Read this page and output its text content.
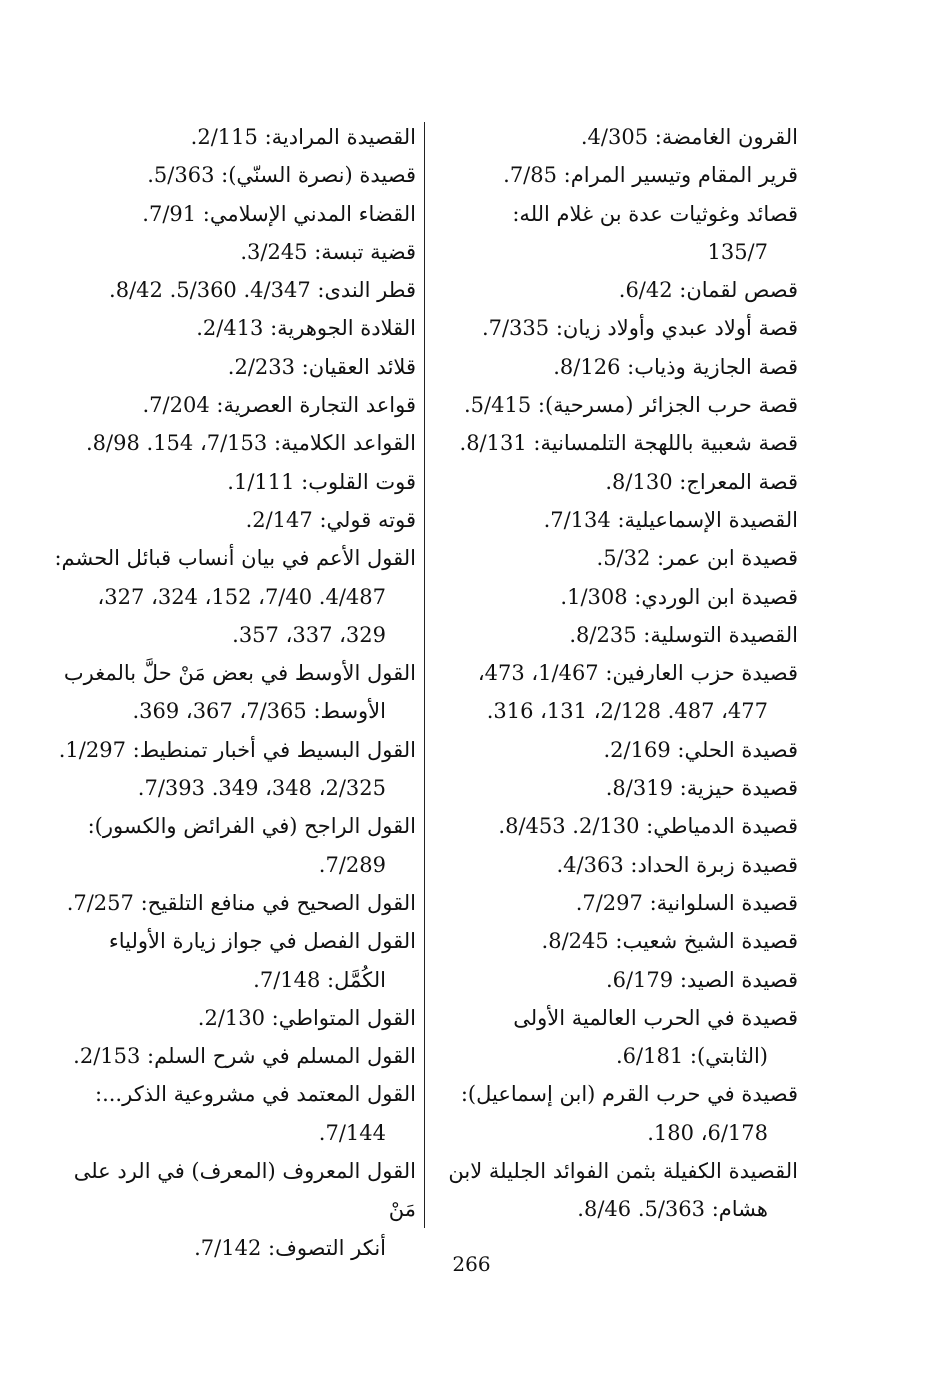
القرون الغامضة: 4/305.
قرير المقام وتيسير المرام: 7/85.
قصائد وغوثيات عدة بن غلام الله:
135/7
قصص لقمان: 6/42.
قصة أولاد عبدي وأولاد زيان: 7/335.
قصة الجازية وذياب: 8/126.
قصة حرب الجزائر (مسرحية): 5/415.
قصة شعبية باللهجة التلمسانية: 8/131.
قصة المعراج: 8/130.
القصيدة الإسماعيلية: 7/134.
قصيدة ابن عمر: 5/32.
قصيدة ابن الوردي: 1/308.
القصيدة التوسلية: 8/235.
قصيدة حزب العارفين: 1/467، 473،
477، 487. 2/128، 131، 316.
قصيدة الحلي: 2/169.
قصيدة حيزية: 8/319.
قصيدة الدمياطي: 2/130. 8/453.
قصيدة زبرة الحداد: 4/363.
قصيدة السلوانية: 7/297.
قصيدة الشيخ شعيب: 8/245.
قصيدة الصيد: 6/179.
قصيدة في الحرب العالمية الأولى
(الثابتي): 6/181.
قصيدة في حرب القرم (ابن إسماعيل):
6/178، 180.
القصيدة الكفيلة بثمن الفوائد الجليلة لابن
هشام: 5/363. 8/46.
القصيدة المرادية: 2/115.
قصيدة (نصرة السنّي): 5/363.
القضاء المدني الإسلامي: 7/91.
قضية تبسة: 3/245.
قطر الندى: 4/347. 5/360. 8/42.
القلادة الجوهرية: 2/413.
قلائد العقيان: 2/233.
قواعد التجارة العصرية: 7/204.
القواعد الكلامية: 7/153، 154. 8/98.
قوت القلوب: 1/111.
قوته قولي: 2/147.
القول الأعم في بيان أنساب قبائل الحشم:
4/487. 7/40، 152، 324، 327،
329، 337، 357.
القول الأوسط في بعض مَنْ حلَّ بالمغرب
الأوسط: 7/365، 367، 369.
القول البسيط في أخبار تمنطيط: 1/297.
2/325، 348، 349. 7/393.
القول الراجح (في الفرائض والكسور):
7/289.
القول الصحيح في منافع التلقيح: 7/257.
القول الفصل في جواز زيارة الأولياء
الكُمَّل: 7/148.
القول المتواطي: 2/130.
القول المسلم في شرح السلم: 2/153.
القول المعتمد في مشروعية الذكر...:
7/144.
القول المعروف (المعرف) في الرد على مَنْ
أنكر التصوف: 7/142.
266
